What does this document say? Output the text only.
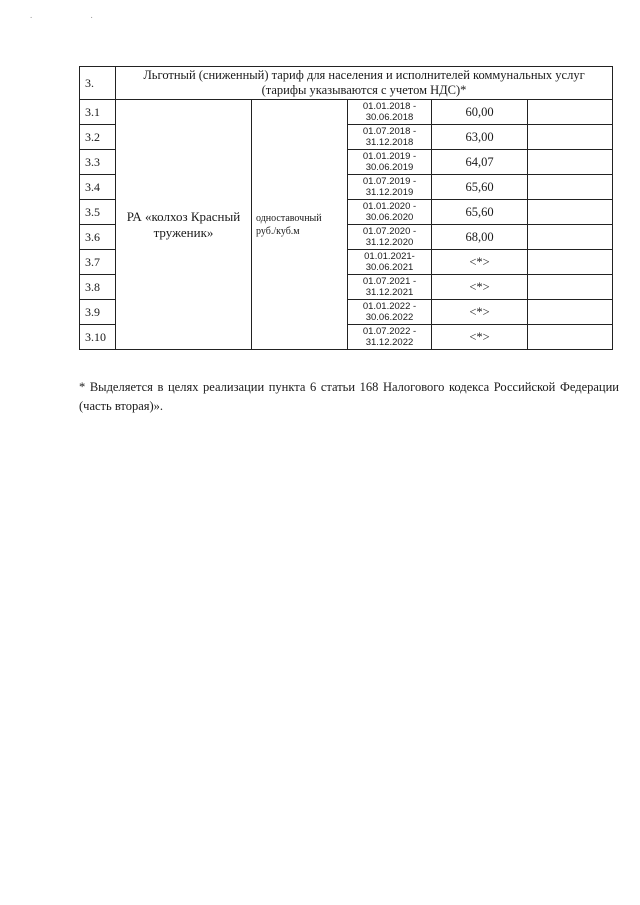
. .
3.	Льготный (сниженный) тариф для населения и исполнителей коммунальных услуг (тарифы указываются с учетом НДС)*				
3.1	РА «колхоз Красный труженик»	одноставочный руб./куб.м	01.01.2018 - 30.06.2018	60,00	
3.2			01.07.2018 - 31.12.2018	63,00	
3.3			01.01.2019 - 30.06.2019	64,07	
3.4			01.07.2019 - 31.12.2019	65,60	
3.5			01.01.2020 - 30.06.2020	65,60	
3.6			01.07.2020 - 31.12.2020	68,00	
3.7			01.01.2021- 30.06.2021	<*>	
3.8			01.07.2021 - 31.12.2021	<*>	
3.9			01.01.2022 - 30.06.2022	<*>	
3.10			01.07.2022 - 31.12.2022	<*>	
* Выделяется в целях реализации пункта 6 статьи 168 Налогового кодекса Российской Федерации (часть вторая)».
